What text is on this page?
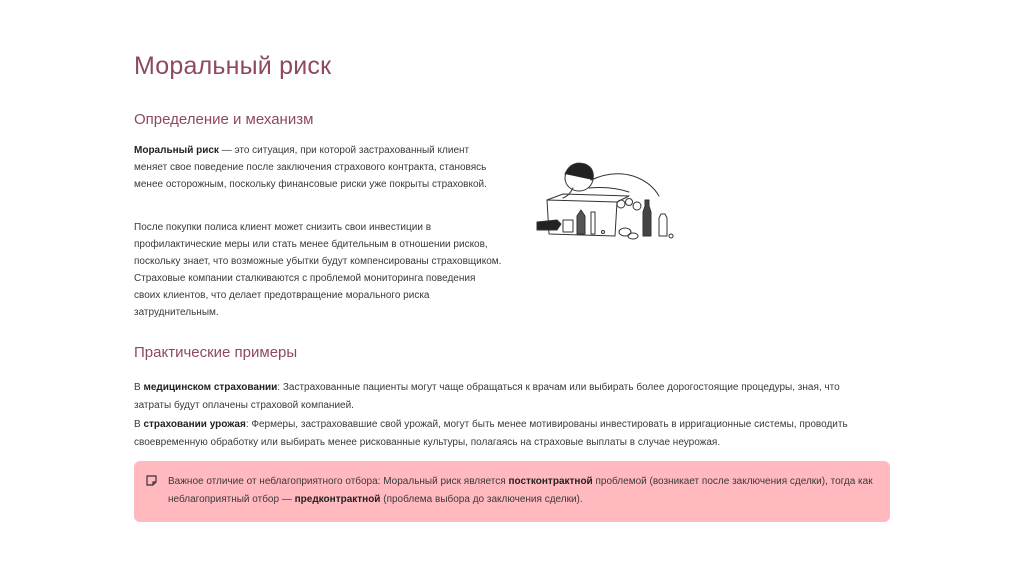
Моральный риск
Определение и механизм

Моральный риск — это ситуация, при которой застрахованный клиент меняет свое поведение после заключения страхового контракта, становясь менее осторожным, поскольку финансовые риски уже покрыты страховкой.

После покупки полиса клиент может снизить свои инвестиции в профилактические меры или стать менее бдительным в отношении рисков, поскольку знает, что возможные убытки будут компенсированы страховщиком. Страховые компании сталкиваются с проблемой мониторинга поведения своих клиентов, что делает предотвращение морального риска затруднительным.

Практические примеры

В медицинском страховании: Застрахованные пациенты могут чаще обращаться к врачам или выбирать более дорогостоящие процедуры, зная, что затраты будут оплачены страховой компанией.

В страховании урожая: Фермеры, застраховавшие свой урожай, могут быть менее мотивированы инвестировать в ирригационные системы, проводить своевременную обработку или выбирать менее рискованные культуры, полагаясь на страховые выплаты в случае неурожая.

Важное отличие от неблагоприятного отбора: Моральный риск является постконтрактной проблемой (возникает после заключения сделки), тогда как неблагоприятный отбор — предконтрактной (проблема выбора до заключения сделки).
